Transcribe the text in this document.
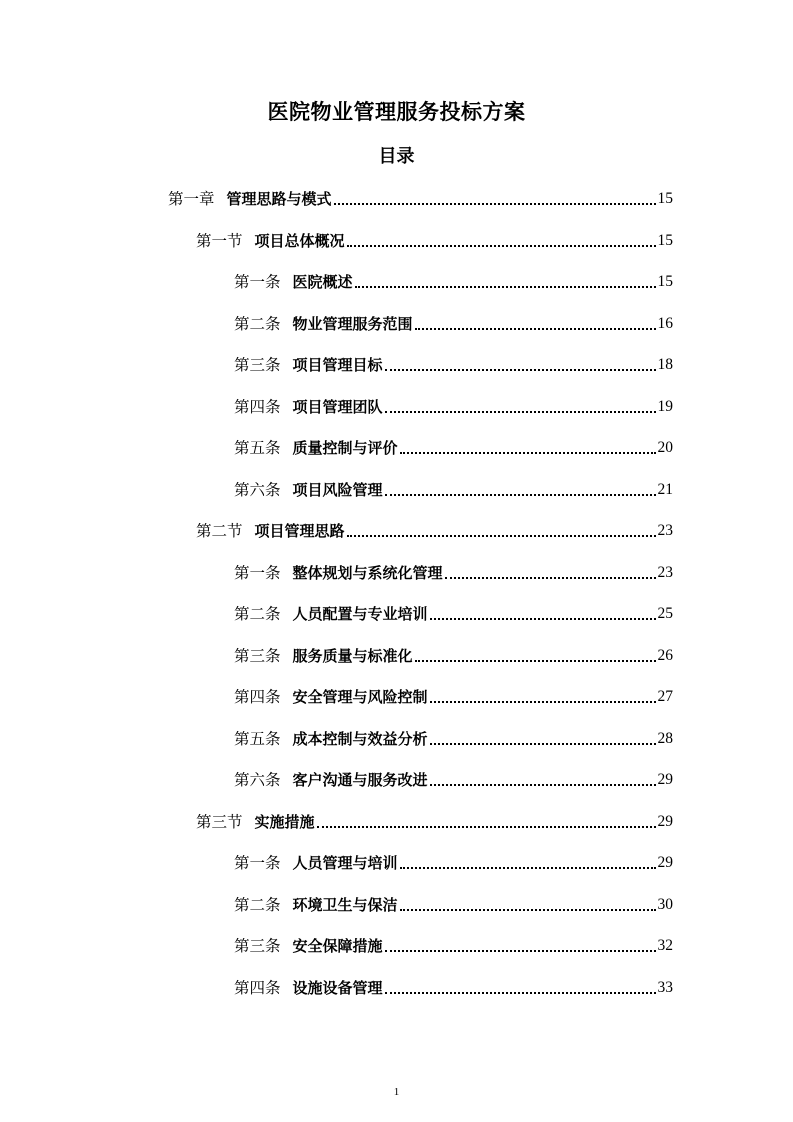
医院物业管理服务投标方案
目录
第一章 管理思路与模式	15
第一节 项目总体概况	15
第一条 医院概述	15
第二条 物业管理服务范围	16
第三条 项目管理目标	18
第四条 项目管理团队	19
第五条 质量控制与评价	20
第六条 项目风险管理	21
第二节 项目管理思路	23
第一条 整体规划与系统化管理	23
第二条 人员配置与专业培训	25
第三条 服务质量与标准化	26
第四条 安全管理与风险控制	27
第五条 成本控制与效益分析	28
第六条 客户沟通与服务改进	29
第三节 实施措施	29
第一条 人员管理与培训	29
第二条 环境卫生与保洁	30
第三条 安全保障措施	32
第四条 设施设备管理	33
1
